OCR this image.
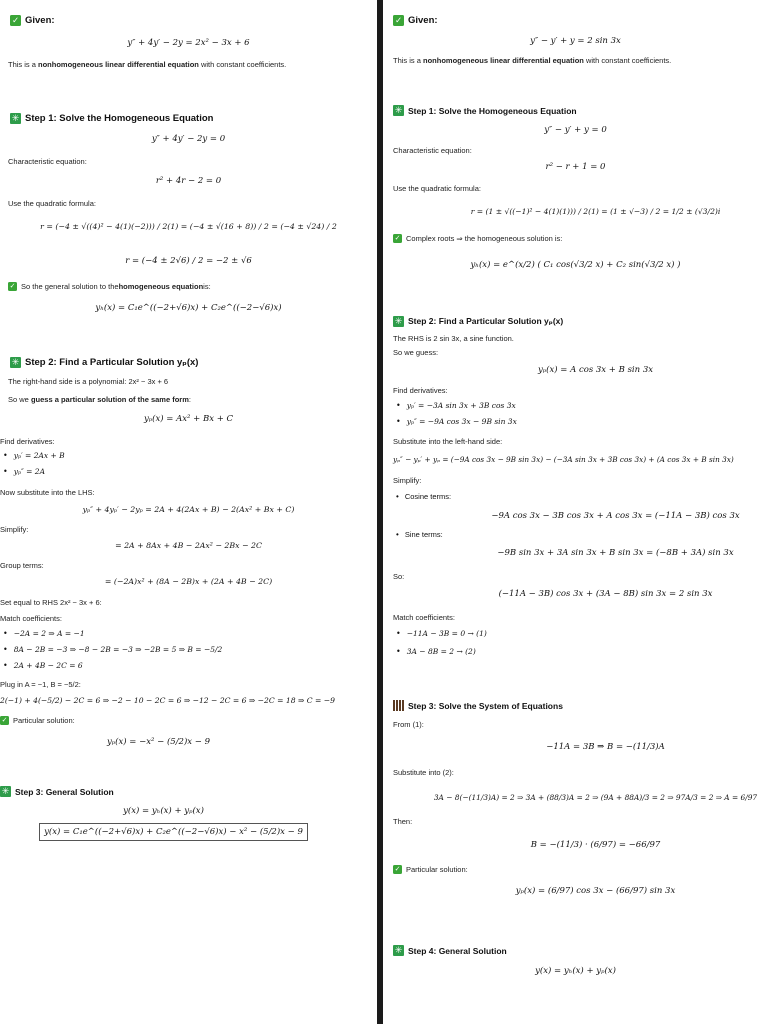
✓ Given:
y″ + 4y′ − 2y = 2x² − 3x + 6
This is a nonhomogeneous linear differential equation with constant coefficients.
✳ Step 1: Solve the Homogeneous Equation
y″ + 4y′ − 2y = 0
Characteristic equation:
r² + 4r − 2 = 0
Use the quadratic formula:
r = (−4 ± √((4)² − 4(1)(−2))) / 2(1) = (−4 ± √(16 + 8)) / 2 = (−4 ± √24) / 2
r = (−4 ± 2√6) / 2 = −2 ± √6
✓ So the general solution to the homogeneous equation is:
yₕ(x) = C₁e^((−2+√6)x) + C₂e^((−2−√6)x)
✳ Step 2: Find a Particular Solution yₚ(x)
The right-hand side is a polynomial: 2x² − 3x + 6
So we guess a particular solution of the same form:
yₚ(x) = Ax² + Bx + C
Find derivatives:
• yₚ′ = 2Ax + B
• yₚ″ = 2A
Now substitute into the LHS:
yₚ″ + 4yₚ′ − 2yₚ = 2A + 4(2Ax + B) − 2(Ax² + Bx + C)
Simplify:
= 2A + 8Ax + 4B − 2Ax² − 2Bx − 2C
Group terms:
= (−2A)x² + (8A − 2B)x + (2A + 4B − 2C)
Set equal to RHS 2x² − 3x + 6:
Match coefficients:
• −2A = 2 ⇒ A = −1
• 8A − 2B = −3 ⇒ −8 − 2B = −3 ⇒ −2B = 5 ⇒ B = −5/2
• 2A + 4B − 2C = 6
Plug in A = −1, B = −5/2:
2(−1) + 4(−5/2) − 2C = 6 ⇒ −2 − 10 − 2C = 6 ⇒ −12 − 2C = 6 ⇒ −2C = 18 ⇒ C = −9
✓ Particular solution:
yₚ(x) = −x² − (5/2)x − 9
✳ Step 3: General Solution
y(x) = yₕ(x) + yₚ(x)
y(x) = C₁e^((−2+√6)x) + C₂e^((−2−√6)x) − x² − (5/2)x − 9
✓ Given:
y″ − y′ + y = 2 sin 3x
This is a nonhomogeneous linear differential equation with constant coefficients.
✳ Step 1: Solve the Homogeneous Equation
y″ − y′ + y = 0
Characteristic equation:
r² − r + 1 = 0
Use the quadratic formula:
r = (1 ± √((−1)² − 4(1)(1))) / 2(1) = (1 ± √−3) / 2 = 1/2 ± (√3/2)i
✓ Complex roots ⇒ the homogeneous solution is:
yₕ(x) = e^(x/2) ( C₁ cos(√3/2 x) + C₂ sin(√3/2 x) )
✳ Step 2: Find a Particular Solution yₚ(x)
The RHS is 2 sin 3x, a sine function.
So we guess:
yₚ(x) = A cos 3x + B sin 3x
Find derivatives:
• yₚ′ = −3A sin 3x + 3B cos 3x
• yₚ″ = −9A cos 3x − 9B sin 3x
Substitute into the left-hand side:
yₚ″ − yₚ′ + yₚ = (−9A cos 3x − 9B sin 3x) − (−3A sin 3x + 3B cos 3x) + (A cos 3x + B sin 3x)
Simplify:
• Cosine terms:
−9A cos 3x − 3B cos 3x + A cos 3x = (−11A − 3B) cos 3x
• Sine terms:
−9B sin 3x + 3A sin 3x + B sin 3x = (−8B + 3A) sin 3x
So:
(−11A − 3B) cos 3x + (3A − 8B) sin 3x = 2 sin 3x
Match coefficients:
• −11A − 3B = 0 → (1)
• 3A − 8B = 2 → (2)
Step 3: Solve the System of Equations
From (1):
−11A = 3B ⇒ B = −(11/3)A
Substitute into (2):
3A − 8(−(11/3)A) = 2 ⇒ 3A + (88/3)A = 2 ⇒ (9A + 88A)/3 = 2 ⇒ 97A/3 = 2 ⇒ A = 6/97
Then:
B = −(11/3) · (6/97) = −66/97
✓ Particular solution:
yₚ(x) = (6/97) cos 3x − (66/97) sin 3x
✳ Step 4: General Solution
y(x) = yₕ(x) + yₚ(x)
